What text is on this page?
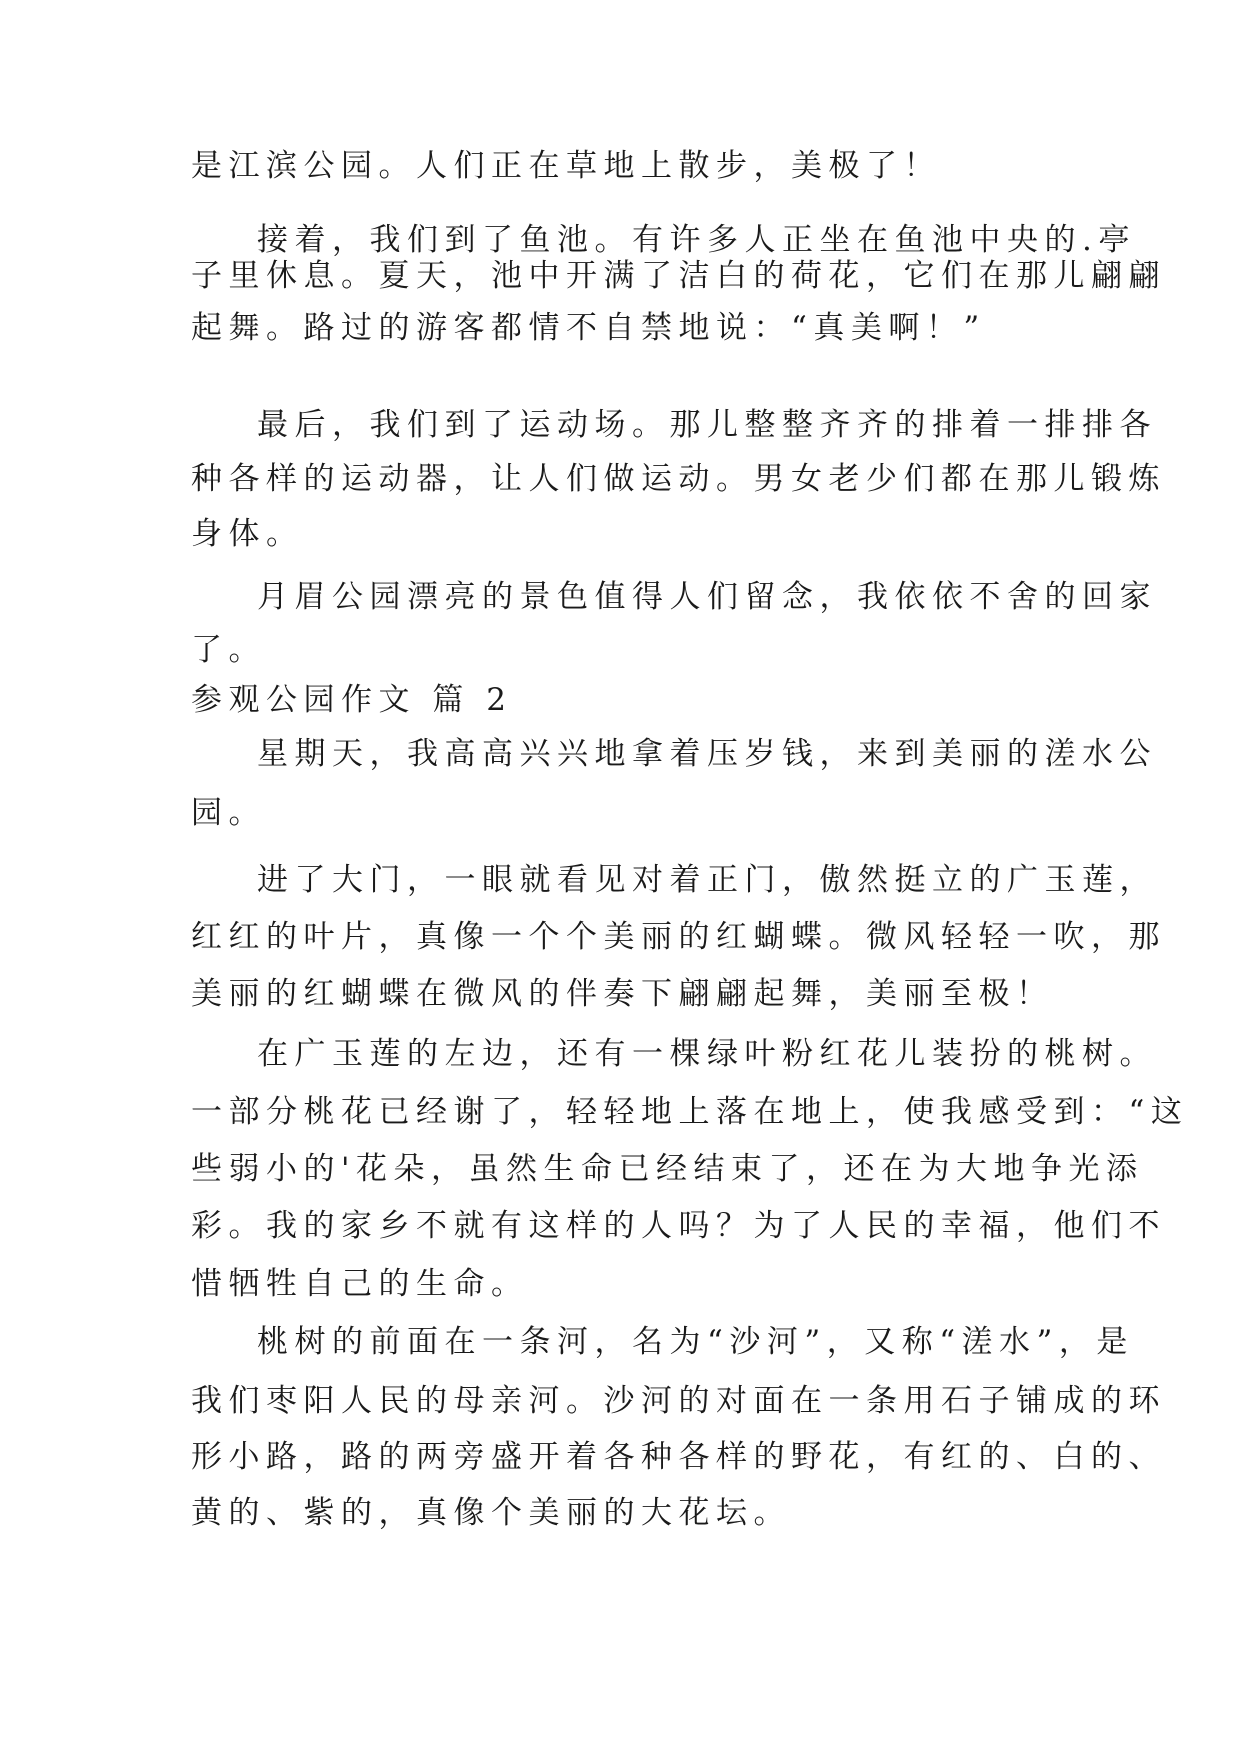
是江滨公园。人们正在草地上散步，美极了！

接着，我们到了鱼池。有许多人正坐在鱼池中央的.亭

子里休息。夏天，池中开满了洁白的荷花，它们在那儿翩翩

起舞。路过的游客都情不自禁地说：“真美啊！”

最后，我们到了运动场。那儿整整齐齐的排着一排排各

种各样的运动器，让人们做运动。男女老少们都在那儿锻炼

身体。

月眉公园漂亮的景色值得人们留念，我依依不舍的回家

了。

参观公园作文 篇 2

星期天，我高高兴兴地拿着压岁钱，来到美丽的溠水公

园。

进了大门，一眼就看见对着正门，傲然挺立的广玉莲，

红红的叶片，真像一个个美丽的红蝴蝶。微风轻轻一吹，那

美丽的红蝴蝶在微风的伴奏下翩翩起舞，美丽至极！

在广玉莲的左边，还有一棵绿叶粉红花儿装扮的桃树。

一部分桃花已经谢了，轻轻地上落在地上，使我感受到：“这

些弱小的'花朵，虽然生命已经结束了，还在为大地争光添

彩。我的家乡不就有这样的人吗？为了人民的幸福，他们不

惜牺牲自己的生命。

桃树的前面在一条河，名为“沙河”，又称“溠水”，是

我们枣阳人民的母亲河。沙河的对面在一条用石子铺成的环

形小路，路的两旁盛开着各种各样的野花，有红的、白的、

黄的、紫的，真像个美丽的大花坛。
